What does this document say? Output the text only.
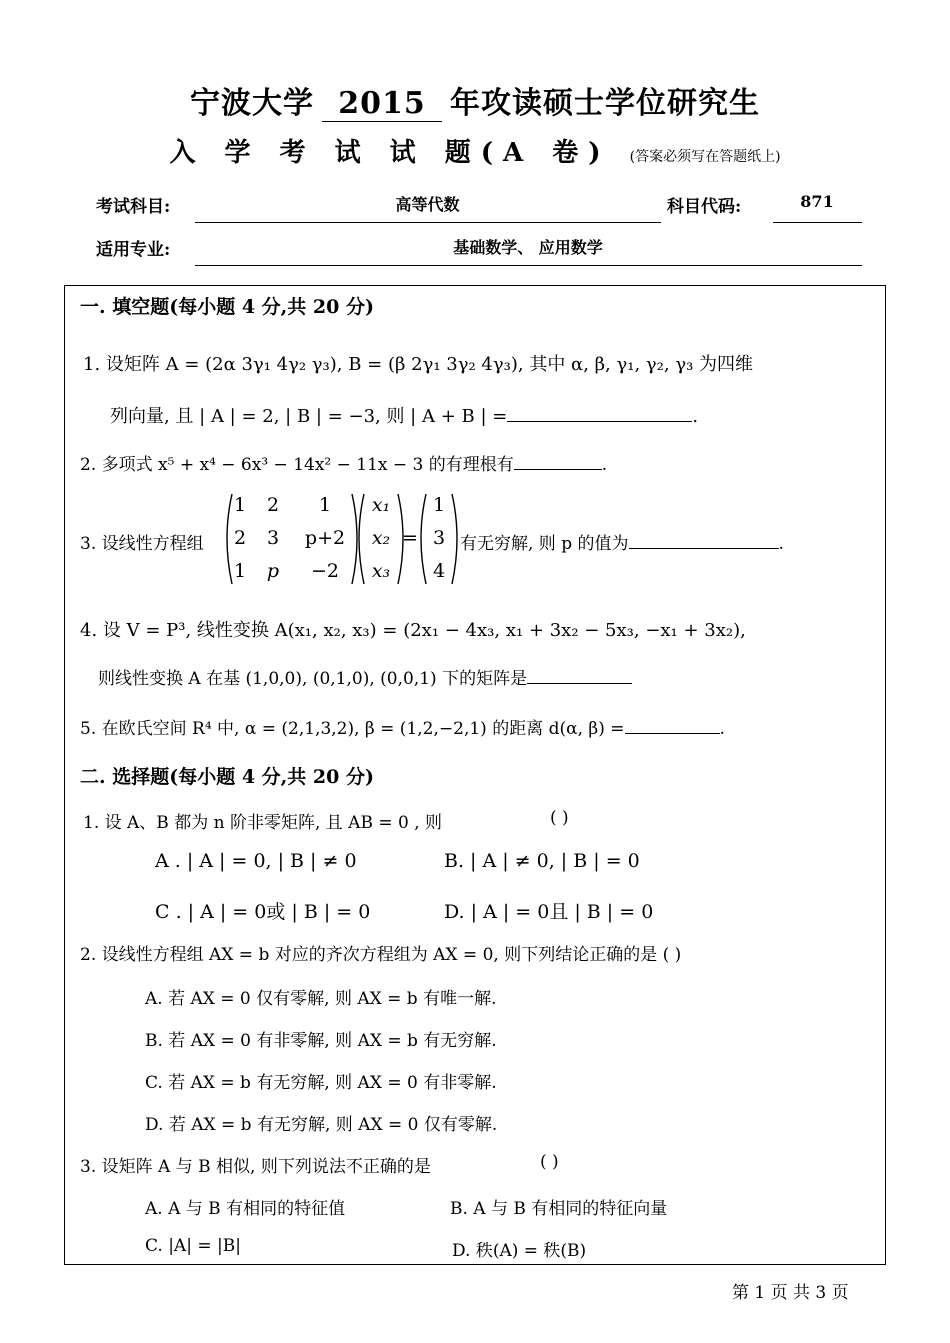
宁波大学 2015 年攻读硕士学位研究生
入 学 考 试 试 题(A 卷) (答案必须写在答题纸上)
考试科目:	高等代数	科目代码:	871
适用专业:	基础数学、 应用数学
一. 填空题(每小题 4 分,共 20 分)
1. 设矩阵 A = (2α 3γ₁ 4γ₂ γ₃), B = (β 2γ₁ 3γ₂ 4γ₃), 其中 α, β, γ₁, γ₂, γ₃ 为四维
列向量, 且 | A | = 2, | B | = −3, 则 | A + B | =	.
2. 多项式 x⁵ + x⁴ − 6x³ − 14x² − 11x − 3 的有理根有	.
3. 设线性方程组
1	2	1
2	3	p+2
1	p	−2
x₁
x₂
x₃
=
1
3
4
有无穷解, 则 p 的值为	.
4. 设 V = P³, 线性变换 A(x₁, x₂, x₃) = (2x₁ − 4x₃, x₁ + 3x₂ − 5x₃, −x₁ + 3x₂),
则线性变换 A 在基 (1,0,0), (0,1,0), (0,0,1) 下的矩阵是
5. 在欧氏空间 R⁴ 中, α = (2,1,3,2), β = (1,2,−2,1) 的距离 d(α, β) =	.
二. 选择题(每小题 4 分,共 20 分)
1. 设 A、B 都为 n 阶非零矩阵, 且 AB = 0 , 则	( )
A . | A | = 0, | B | ≠ 0	B. | A | ≠ 0, | B | = 0
C . | A | = 0或 | B | = 0	D. | A | = 0且 | B | = 0
2. 设线性方程组 AX = b 对应的齐次方程组为 AX = 0, 则下列结论正确的是 ( )
A. 若 AX = 0 仅有零解, 则 AX = b 有唯一解.
B. 若 AX = 0 有非零解, 则 AX = b 有无穷解.
C. 若 AX = b 有无穷解, 则 AX = 0 有非零解.
D. 若 AX = b 有无穷解, 则 AX = 0 仅有零解.
3. 设矩阵 A 与 B 相似, 则下列说法不正确的是	( )
A. A 与 B 有相同的特征值	B. A 与 B 有相同的特征向量
C. |A| = |B|	D. 秩(A) = 秩(B)
第 1 页 共 3 页
